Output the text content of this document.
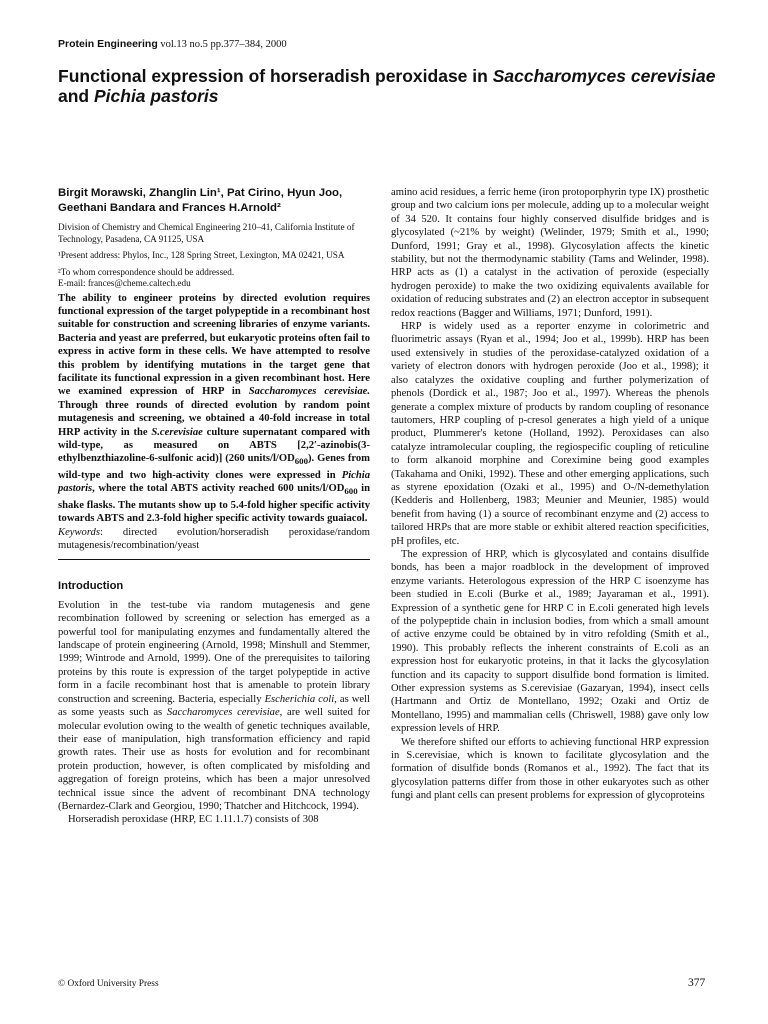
Protein Engineering vol.13 no.5 pp.377–384, 2000
Functional expression of horseradish peroxidase in Saccharomyces cerevisiae and Pichia pastoris
Birgit Morawski, Zhanglin Lin¹, Pat Cirino, Hyun Joo,
Geethani Bandara and Frances H.Arnold²

Division of Chemistry and Chemical Engineering 210–41, California Institute of Technology, Pasadena, CA 91125, USA

¹Present address: Phylos, Inc., 128 Spring Street, Lexington, MA 02421, USA

²To whom correspondence should be addressed.
E-mail: frances@cheme.caltech.edu

The ability to engineer proteins by directed evolution requires functional expression of the target polypeptide in a recombinant host suitable for construction and screening libraries of enzyme variants. Bacteria and yeast are preferred, but eukaryotic proteins often fail to express in active form in these cells. We have attempted to resolve this problem by identifying mutations in the target gene that facilitate its functional expression in a given recombinant host. Here we examined expression of HRP in Saccharomyces cerevisiae. Through three rounds of directed evolution by random point mutagenesis and screening, we obtained a 40-fold increase in total HRP activity in the S.cerevisiae culture supernatant compared with wild-type, as measured on ABTS [2,2′-azinobis(3-ethylbenzthiazoline-6-sulfonic acid)] (260 units/$l/OD_{600}$). Genes from wild-type and two high-activity clones were expressed in Pichia pastoris, where the total ABTS activity reached 600 units/$l/OD_{600}$ in shake flasks. The mutants show up to 5.4-fold higher specific activity towards ABTS and 2.3-fold higher specific activity towards guaiacol.

Keywords: directed evolution/horseradish peroxidase/random mutagenesis/recombination/yeast

Introduction

Evolution in the test-tube via random mutagenesis and gene recombination followed by screening or selection has emerged as a powerful tool for manipulating enzymes and fundamentally altered the landscape of protein engineering (Arnold, 1998; Minshull and Stemmer, 1999; Wintrode and Arnold, 1999). One of the prerequisites to tailoring proteins by this route is expression of the target polypeptide in active form in a facile recombinant host that is amenable to protein library construction and screening. Bacteria, especially Escherichia coli, as well as some yeasts such as Saccharomyces cerevisiae, are well suited for molecular evolution owing to the wealth of genetic techniques available, their ease of manipulation, high transformation efficiency and rapid growth rates. Their use as hosts for evolution and for recombinant protein production, however, is often complicated by misfolding and aggregation of foreign proteins, which has been a major unresolved technical issue since the advent of recombinant DNA technology (Bernardez-Clark and Georgiou, 1990; Thatcher and Hitchcock, 1994).

Horseradish peroxidase (HRP, EC 1.11.1.7) consists of 308

amino acid residues, a ferric heme (iron protoporphyrin type IX) prosthetic group and two calcium ions per molecule, adding up to a molecular weight of 34 520. It contains four highly conserved disulfide bridges and is glycosylated (~21% by weight) (Welinder, 1979; Smith et al., 1990; Dunford, 1991; Gray et al., 1998). Glycosylation affects the kinetic stability, but not the thermodynamic stability (Tams and Welinder, 1998). HRP acts as (1) a catalyst in the activation of peroxide (especially hydrogen peroxide) to make the two oxidizing equivalents available for oxidation of reducing substrates and (2) an electron acceptor in subsequent redox reactions (Bagger and Williams, 1971; Dunford, 1991).

HRP is widely used as a reporter enzyme in colorimetric and fluorimetric assays (Ryan et al., 1994; Joo et al., 1999b). HRP has been used extensively in studies of the peroxidase-catalyzed oxidation of a variety of electron donors with hydrogen peroxide (Joo et al., 1998); it also catalyzes the oxidative coupling and further polymerization of phenols (Dordick et al., 1987; Joo et al., 1997). Whereas the phenols generate a complex mixture of products by random coupling of resonance tautomers, HRP coupling of p-cresol generates a high yield of a unique product, Plummerer's ketone (Holland, 1992). Peroxidases can also catalyze intramolecular coupling, the regiospecific coupling of reticuline to form alkanoid morphine and Corexímine being good examples (Takahama and Oniki, 1992). These and other emerging applications, such as styrene epoxidation (Ozaki et al., 1995) and O-/N-demethylation (Kedderis and Hollenberg, 1983; Meunier and Meunier, 1985) would benefit from having (1) a source of recombinant enzyme and (2) access to tailored HRPs that are more stable or exhibit altered reaction specificities, pH profiles, etc.

The expression of HRP, which is glycosylated and contains disulfide bonds, has been a major roadblock in the development of improved enzyme variants. Heterologous expression of the HRP C isoenzyme has been studied in E.coli (Burke et al., 1989; Jayaraman et al., 1991). Expression of a synthetic gene for HRP C in E.coli generated high levels of the polypeptide chain in inclusion bodies, from which a small amount of active enzyme could be obtained by in vitro refolding (Smith et al., 1990). This probably reflects the inherent constraints of E.coli as an expression host for eukaryotic proteins, in that it lacks the glycosylation function and its capacity to support disulfide bond formation is limited. Other expression systems as S.cerevisiae (Gazaryan, 1994), insect cells (Hartmann and Ortiz de Montellano, 1992; Ozaki and Ortiz de Montellano, 1995) and mammalian cells (Chriswell, 1988) gave only low expression levels of HRP.

We therefore shifted our efforts to achieving functional HRP expression in S.cerevisiae, which is known to facilitate glycosylation and the formation of disulfide bonds (Romanos et al., 1992). The fact that its glycosylation patterns differ from those in other eukaryotes such as other fungi and plant cells can present problems for expression of glycoproteins

© Oxford University Press	377
